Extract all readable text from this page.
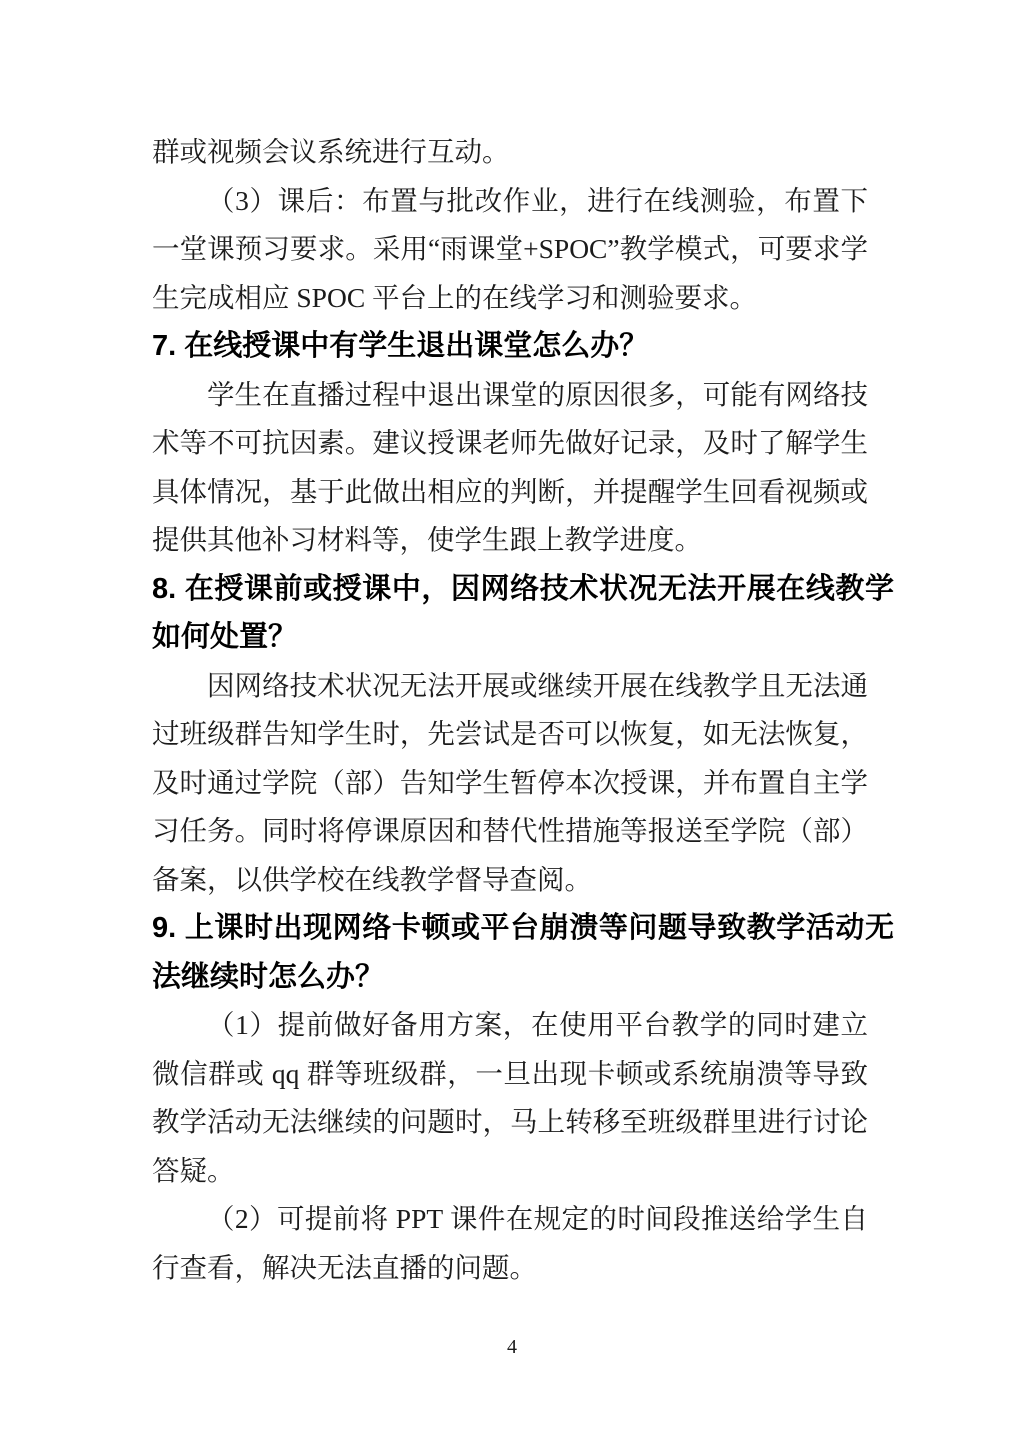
群或视频会议系统进行互动。

（3）课后：布置与批改作业，进行在线测验，布置下一堂课预习要求。采用“雨课堂+SPOC”教学模式，可要求学生完成相应 SPOC 平台上的在线学习和测验要求。

7. 在线授课中有学生退出课堂怎么办？

学生在直播过程中退出课堂的原因很多，可能有网络技术等不可抗因素。建议授课老师先做好记录，及时了解学生具体情况，基于此做出相应的判断，并提醒学生回看视频或提供其他补习材料等，使学生跟上教学进度。

8. 在授课前或授课中，因网络技术状况无法开展在线教学如何处置？

因网络技术状况无法开展或继续开展在线教学且无法通过班级群告知学生时，先尝试是否可以恢复，如无法恢复，及时通过学院（部）告知学生暂停本次授课，并布置自主学习任务。同时将停课原因和替代性措施等报送至学院（部）备案，以供学校在线教学督导查阅。

9. 上课时出现网络卡顿或平台崩溃等问题导致教学活动无法继续时怎么办？

（1）提前做好备用方案，在使用平台教学的同时建立微信群或 qq 群等班级群，一旦出现卡顿或系统崩溃等导致教学活动无法继续的问题时，马上转移至班级群里进行讨论答疑。

（2）可提前将 PPT 课件在规定的时间段推送给学生自行查看，解决无法直播的问题。

4
